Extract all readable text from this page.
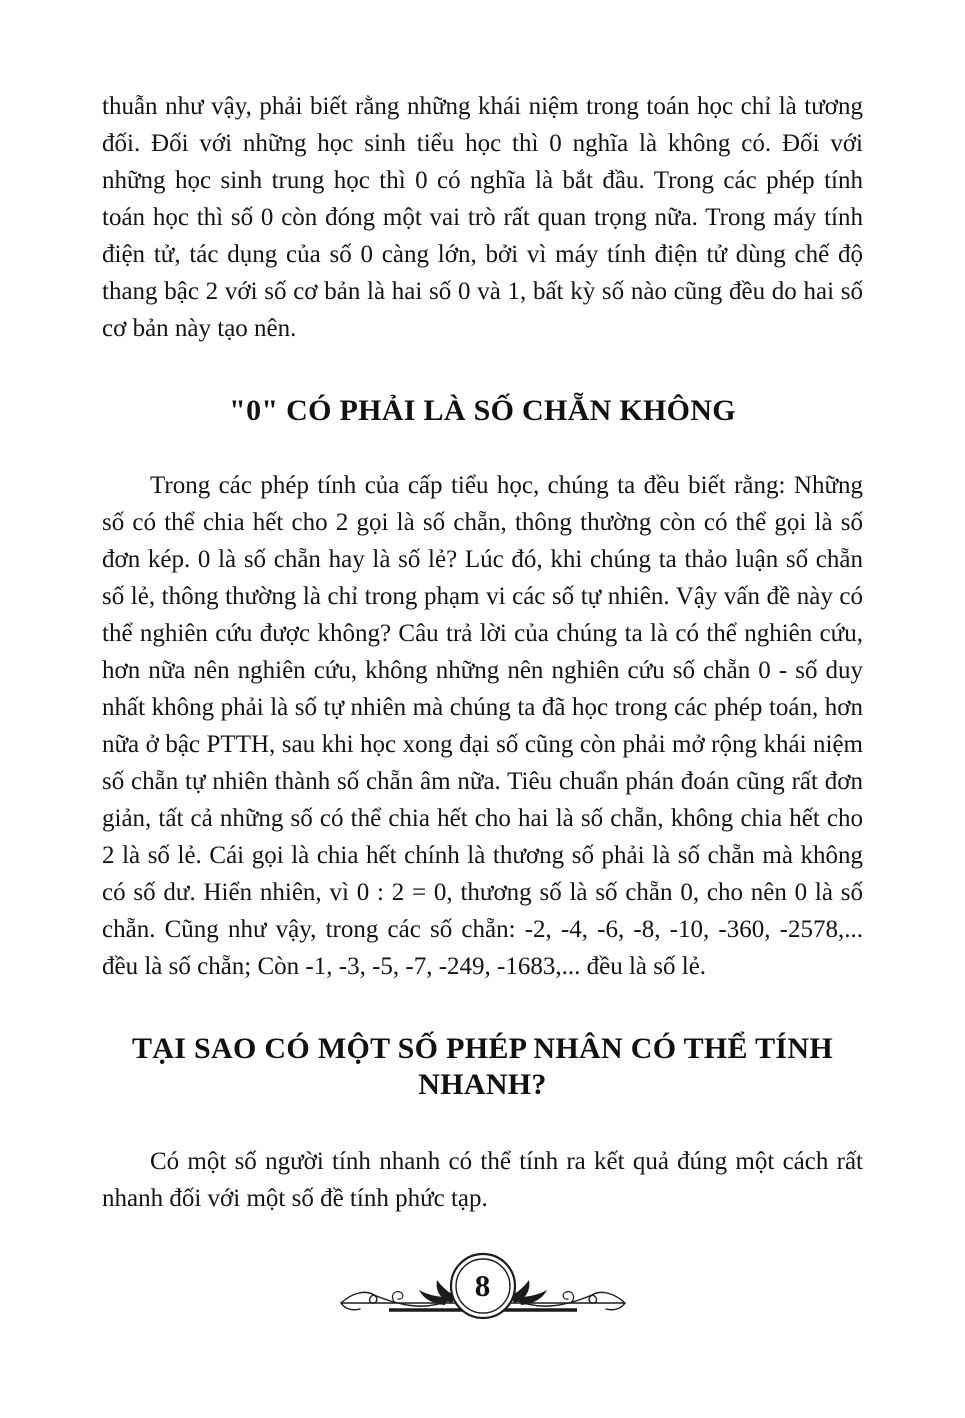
thuẫn như vậy, phải biết rằng những khái niệm trong toán học chỉ là tương đối. Đối với những học sinh tiểu học thì 0 nghĩa là không có. Đối với những học sinh trung học thì 0 có nghĩa là bắt đầu. Trong các phép tính toán học thì số 0 còn đóng một vai trò rất quan trọng nữa. Trong máy tính điện tử, tác dụng của số 0 càng lớn, bởi vì máy tính điện tử dùng chế độ thang bậc 2 với số cơ bản là hai số 0 và 1, bất kỳ số nào cũng đều do hai số cơ bản này tạo nên.

"0" CÓ PHẢI LÀ SỐ CHẴN KHÔNG

Trong các phép tính của cấp tiểu học, chúng ta đều biết rằng: Những số có thể chia hết cho 2 gọi là số chẵn, thông thường còn có thể gọi là số đơn kép. 0 là số chẵn hay là số lẻ? Lúc đó, khi chúng ta thảo luận số chẵn số lẻ, thông thường là chỉ trong phạm vi các số tự nhiên. Vậy vấn đề này có thể nghiên cứu được không? Câu trả lời của chúng ta là có thể nghiên cứu, hơn nữa nên nghiên cứu, không những nên nghiên cứu số chẵn 0 - số duy nhất không phải là số tự nhiên mà chúng ta đã học trong các phép toán, hơn nữa ở bậc PTTH, sau khi học xong đại số cũng còn phải mở rộng khái niệm số chẵn tự nhiên thành số chẵn âm nữa. Tiêu chuẩn phán đoán cũng rất đơn giản, tất cả những số có thể chia hết cho hai là số chẵn, không chia hết cho 2 là số lẻ. Cái gọi là chia hết chính là thương số phải là số chẵn mà không có số dư. Hiển nhiên, vì 0 : 2 = 0, thương số là số chẵn 0, cho nên 0 là số chẵn. Cũng như vậy, trong các số chẵn: -2, -4, -6, -8, -10, -360, -2578,... đều là số chẵn; Còn -1, -3, -5, -7, -249, -1683,... đều là số lẻ.

TẠI SAO CÓ MỘT SỐ PHÉP NHÂN CÓ THỂ TÍNH NHANH?

Có một số người tính nhanh có thể tính ra kết quả đúng một cách rất nhanh đối với một số đề tính phức tạp.

8
